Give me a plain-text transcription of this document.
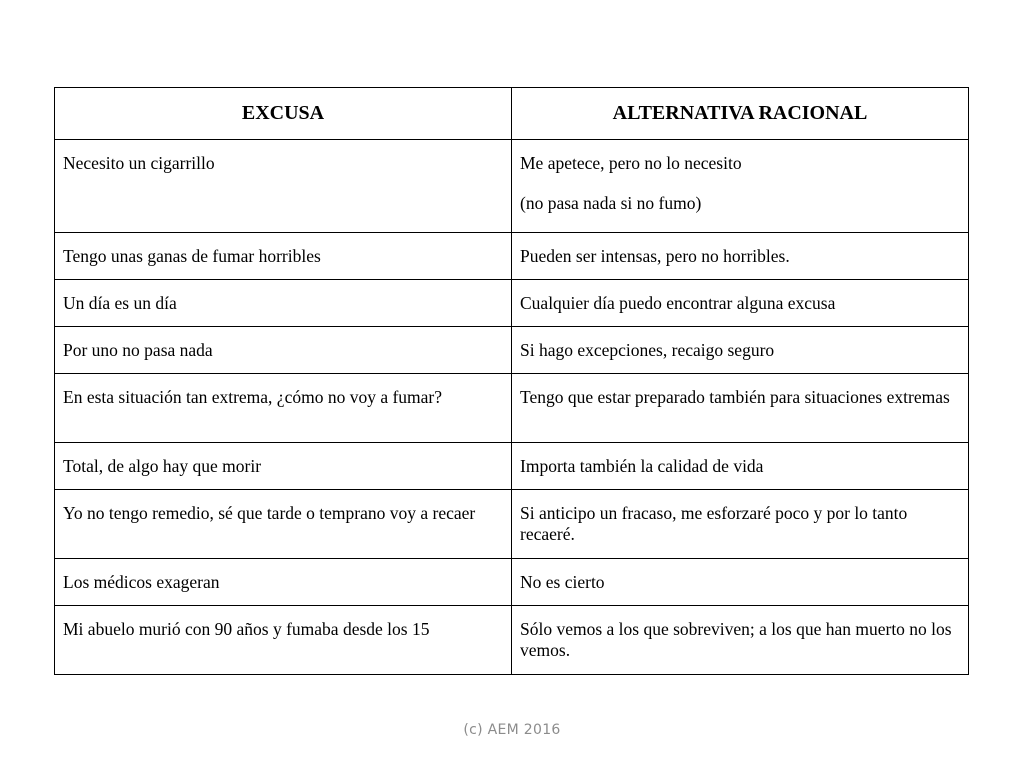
EXCUSA	ALTERNATIVA RACIONAL

Necesito un cigarrillo	Me apetece, pero no lo necesito
(no pasa nada si no fumo)

Tengo unas ganas de fumar horribles	Pueden ser intensas, pero no horribles.

Un día es un día	Cualquier día puedo encontrar alguna excusa

Por uno no pasa nada	Si hago excepciones, recaigo seguro

En esta situación tan extrema, ¿cómo no voy a fumar?	Tengo que estar preparado también para situaciones extremas

Total, de algo hay que morir	Importa también la calidad de vida

Yo no tengo remedio, sé que tarde o temprano voy a recaer	Si anticipo un fracaso, me esforzaré poco y por lo tanto recaeré.

Los médicos exageran	No es cierto

Mi abuelo murió con 90 años y fumaba desde los 15	Sólo vemos a los que sobreviven; a los que han muerto no los vemos.
(c) AEM 2016
